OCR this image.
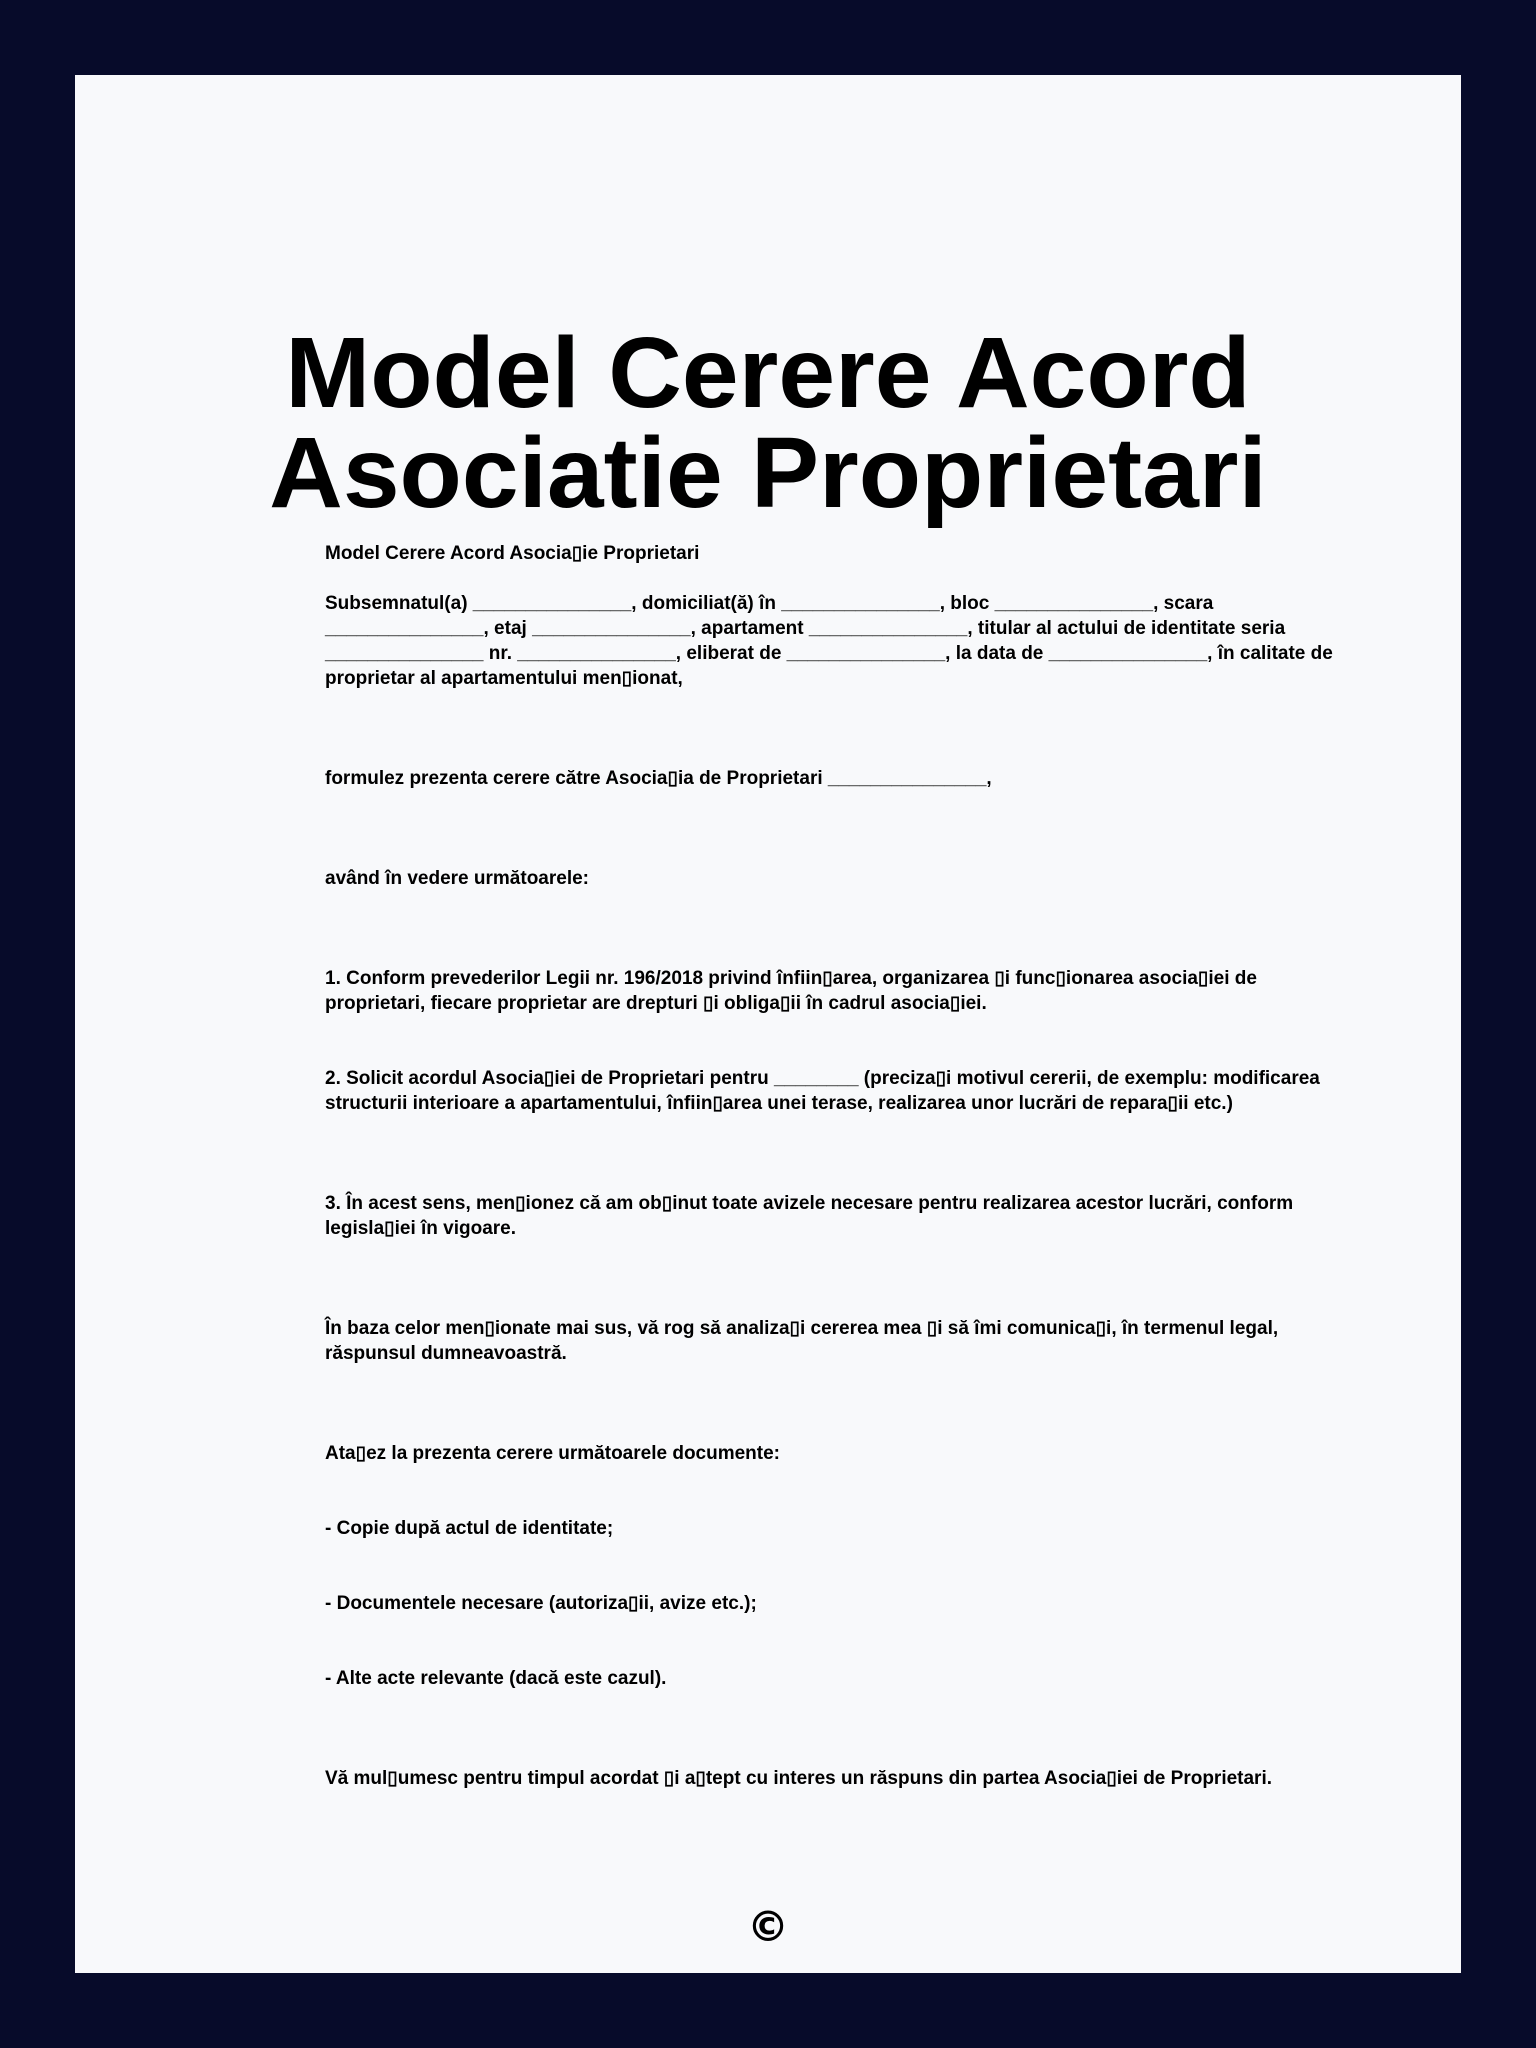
Model Cerere Acord
Asociatie Proprietari

Model Cerere Acord Asocia▯ie Proprietari

Subsemnatul(a) _______________, domiciliat(ă) în _______________, bloc _______________, scara _______________, etaj _______________, apartament _______________, titular al actului de identitate seria _______________ nr. _______________, eliberat de _______________, la data de _______________, în calitate de proprietar al apartamentului men▯ionat,

formulez prezenta cerere către Asocia▯ia de Proprietari _______________,

având în vedere următoarele:

1. Conform prevederilor Legii nr. 196/2018 privind înfiin▯area, organizarea ▯i func▯ionarea asocia▯iei de proprietari, fiecare proprietar are drepturi ▯i obliga▯ii în cadrul asocia▯iei.

2. Solicit acordul Asocia▯iei de Proprietari pentru ________ (preciza▯i motivul cererii, de exemplu: modificarea structurii interioare a apartamentului, înfiin▯area unei terase, realizarea unor lucrări de repara▯ii etc.)

3. În acest sens, men▯ionez că am ob▯inut toate avizele necesare pentru realizarea acestor lucrări, conform legisla▯iei în vigoare.

În baza celor men▯ionate mai sus, vă rog să analiza▯i cererea mea ▯i să îmi comunica▯i, în termenul legal, răspunsul dumneavoastră.

Ata▯ez la prezenta cerere următoarele documente:

- Copie după actul de identitate;

- Documentele necesare (autoriza▯ii, avize etc.);

- Alte acte relevante (dacă este cazul).

Vă mul▯umesc pentru timpul acordat ▯i a▯tept cu interes un răspuns din partea Asocia▯iei de Proprietari.

©
